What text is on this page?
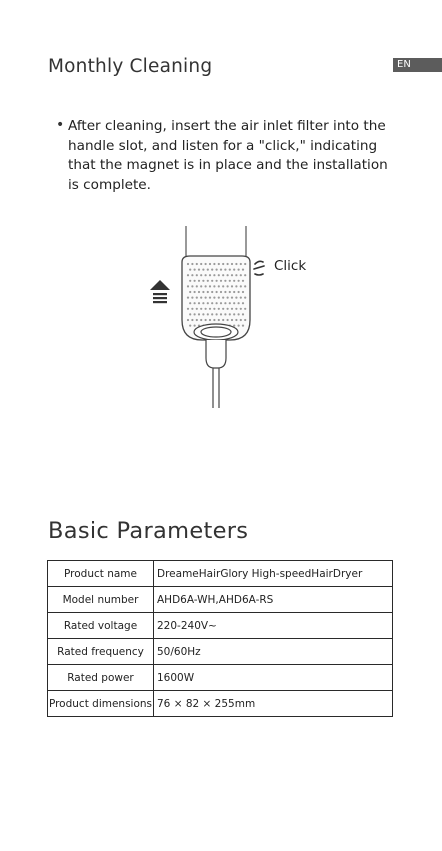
EN
Monthly Cleaning
• After cleaning, insert the air inlet filter into the handle slot, and listen for a "click," indicating that the magnet is in place and the installation is complete.
Click
Basic Parameters
Product name	DreameHairGlory High-speedHairDryer
Model number	AHD6A-WH,AHD6A-RS
Rated voltage	220-240V~
Rated frequency	50/60Hz
Rated power	1600W
Product dimensions	76 × 82 × 255mm
